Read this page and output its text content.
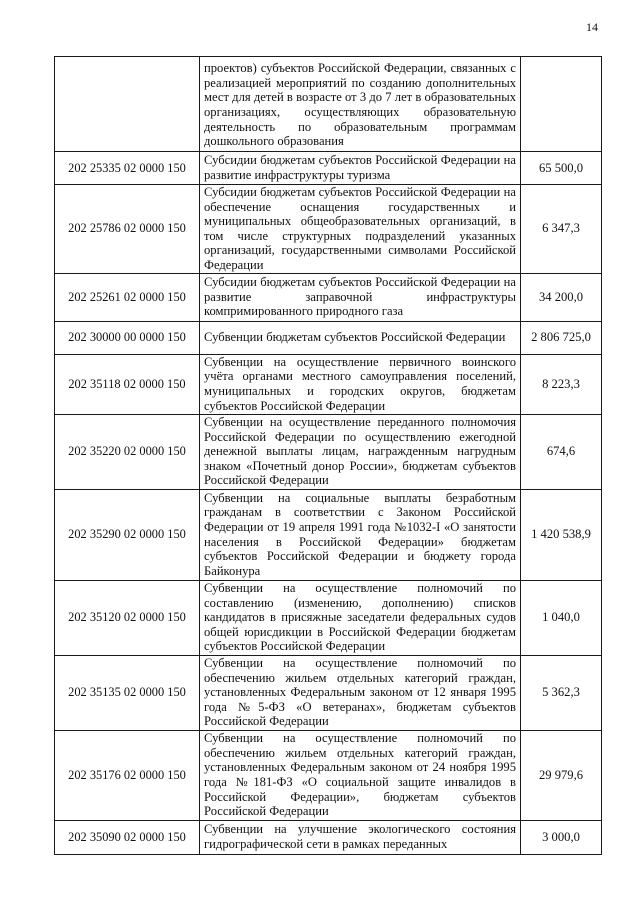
14
	проектов) субъектов Российской Федерации, связанных с реализацией мероприятий по созданию дополнительных мест для детей в возрасте от 3 до 7 лет в образовательных организациях, осуществляющих образовательную деятельность по образовательным программам дошкольного образования	
202 25335 02 0000 150	Субсидии бюджетам субъектов Российской Федерации на развитие инфраструктуры туризма	65 500,0
202 25786 02 0000 150	Субсидии бюджетам субъектов Российской Федерации на обеспечение оснащения государственных и муниципальных общеобразовательных организаций, в том числе структурных подразделений указанных организаций, государственными символами Российской Федерации	6 347,3
202 25261 02 0000 150	Субсидии бюджетам субъектов Российской Федерации на развитие заправочной инфраструктуры компримированного природного газа	34 200,0
202 30000 00 0000 150	Субвенции бюджетам субъектов Российской Федерации	2 806 725,0
202 35118 02 0000 150	Субвенции на осуществление первичного воинского учёта органами местного самоуправления поселений, муниципальных и городских округов, бюджетам субъектов Российской Федерации	8 223,3
202 35220 02 0000 150	Субвенции на осуществление переданного полномочия Российской Федерации по осуществлению ежегодной денежной выплаты лицам, награжденным нагрудным знаком «Почетный донор России», бюджетам субъектов Российской Федерации	674,6
202 35290 02 0000 150	Субвенции на социальные выплаты безработным гражданам в соответствии с Законом Российской Федерации от 19 апреля 1991 года №1032-I «О занятости населения в Российской Федерации» бюджетам субъектов Российской Федерации и бюджету города Байконура	1 420 538,9
202 35120 02 0000 150	Субвенции на осуществление полномочий по составлению (изменению, дополнению) списков кандидатов в присяжные заседатели федеральных судов общей юрисдикции в Российской Федерации бюджетам субъектов Российской Федерации	1 040,0
202 35135 02 0000 150	Субвенции на осуществление полномочий по обеспечению жильем отдельных категорий граждан, установленных Федеральным законом от 12 января 1995 года №5-ФЗ «О ветеранах», бюджетам субъектов Российской Федерации	5 362,3
202 35176 02 0000 150	Субвенции на осуществление полномочий по обеспечению жильем отдельных категорий граждан, установленных Федеральным законом от 24 ноября 1995 года №181-ФЗ «О социальной защите инвалидов в Российской Федерации», бюджетам субъектов Российской Федерации	29 979,6
202 35090 02 0000 150	Субвенции на улучшение экологического состояния гидрографической сети в рамках переданных	3 000,0
